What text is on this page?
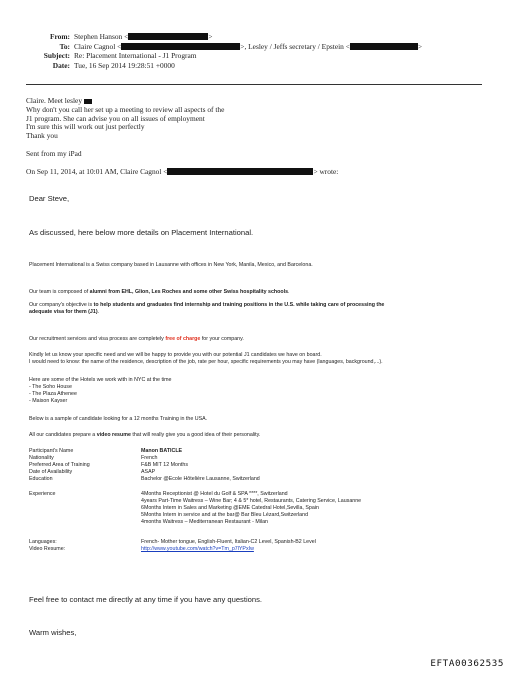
From: Stephen Hanson <	>
To: Claire Cagnol <	>, Lesley / Jeffs secretary / Epstein <	>
Subject: Re: Placement International - J1 Program
Date: Tue, 16 Sep 2014 19:28:51 +0000

Claire. Meet lesley

Why don't you call her set up a meeting to review all aspects of the

J1 program. She can advise you on all issues of employment

I'm sure this will work out just perfectly

Thank you

Sent from my iPad

On Sep 11, 2014, at 10:01 AM, Claire Cagnol <	> wrote:

Dear Steve,
As discussed, here below more details on Placement International.
Placement International is a Swiss company based in Lausanne with offices in New York, Manila, Mexico, and Barcelona.
Our team is composed of alumni from EHL, Glion, Les Roches and some other Swiss hospitality schools.
Our company's objective is to help students and graduates find internship and training positions in the U.S. while taking care of processing the
adequate visa for them (J1).
Our recruitment services and visa process are completely free of charge for your company.
Kindly let us know your specific need and we will be happy to provide you with our potential J1 candidates we have on board.
I would need to know: the name of the residence, description of the job, rate per hour, specific requirements you may have (languages, background,...).
Here are some of the Hotels we work with in NYC at the time
- The Soho House
- The Plaza Athenee
- Maison Kayser
Below is a sample of candidate looking for a 12 months Training in the USA.
All our candidates prepare a video resume that will really give you a good idea of their personality.
Participant's Name	Manon BATICLE
Nationality	French
Preferred Area of Training	F&B MIT 12 Months
Date of Availability	ASAP
Education	Bachelor @Ecole Hôtelière Lausanne, Switzerland
Experience	4Months Receptionist @ Hotel du Golf & SPA ****, Switzerland
4years Part-Time Waitress – Wine Bar; 4 & 5* hotel, Restaurants, Catering Service, Lausanne
6Months Intern in Sales and Marketing @EME Catedral Hotel,Sevilla, Spain
5Months Intern in service and at the bar@ Bar Bleu Lézard,Switzerland
4months Waitress – Mediterranean Restaurant - Milan
Languages:	French- Mother tongue, English-Fluent, Italian-C2 Level, Spanish-B2 Level
Video Resume:	http://www.youtube.com/watch?v=Tm_p7lYPxIw
Feel free to contact me directly at any time if you have any questions.
Warm wishes,
EFTA00362535
